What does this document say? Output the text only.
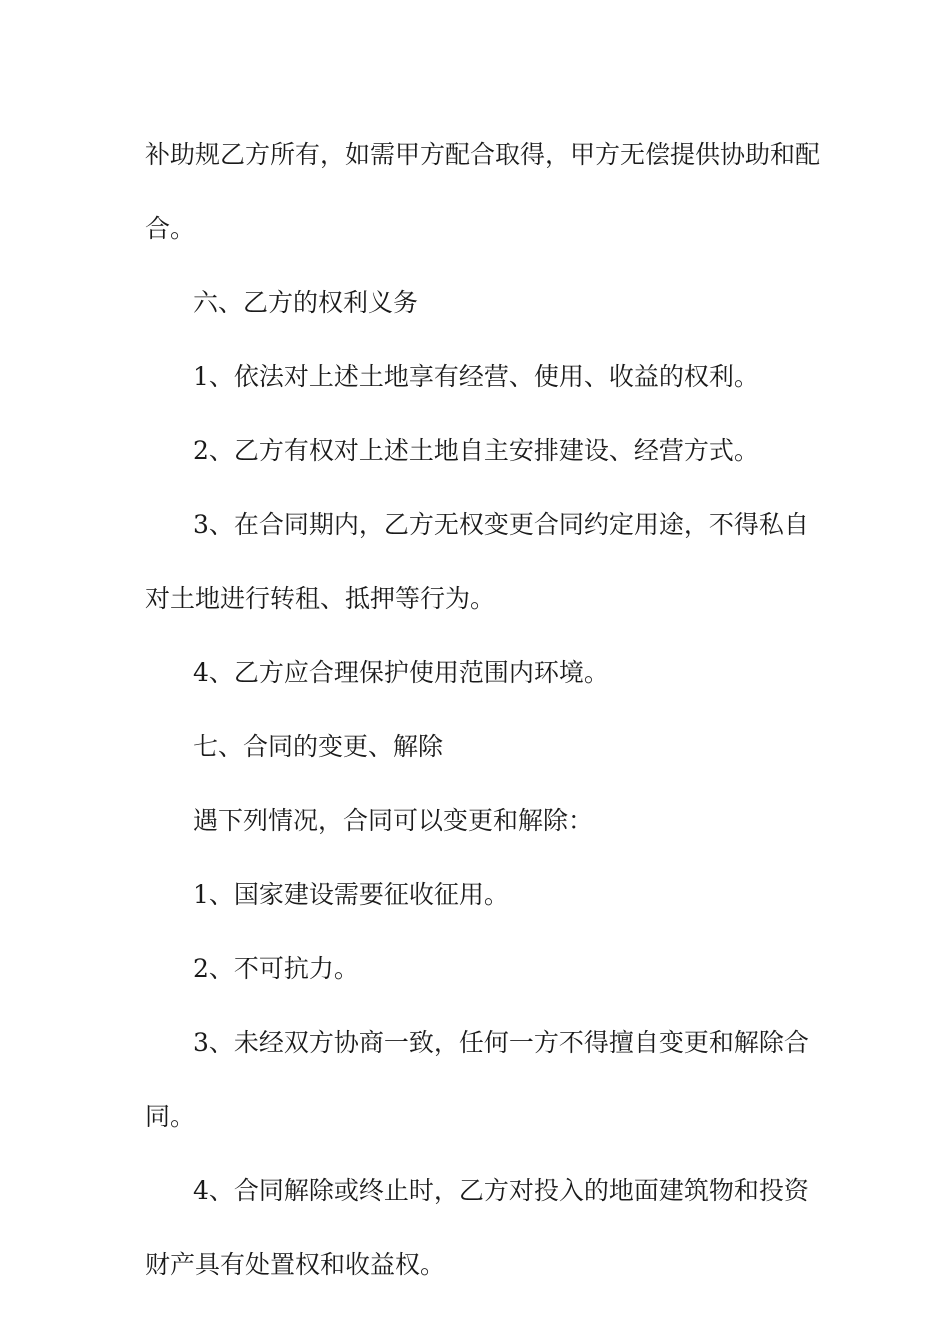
补助规乙方所有，如需甲方配合取得，甲方无偿提供协助和配合。

六、乙方的权利义务

1、依法对上述土地享有经营、使用、收益的权利。

2、乙方有权对上述土地自主安排建设、经营方式。

3、在合同期内，乙方无权变更合同约定用途，不得私自对土地进行转租、抵押等行为。

4、乙方应合理保护使用范围内环境。

七、合同的变更、解除

遇下列情况，合同可以变更和解除：

1、国家建设需要征收征用。

2、不可抗力。

3、未经双方协商一致，任何一方不得擅自变更和解除合同。

4、合同解除或终止时，乙方对投入的地面建筑物和投资财产具有处置权和收益权。
